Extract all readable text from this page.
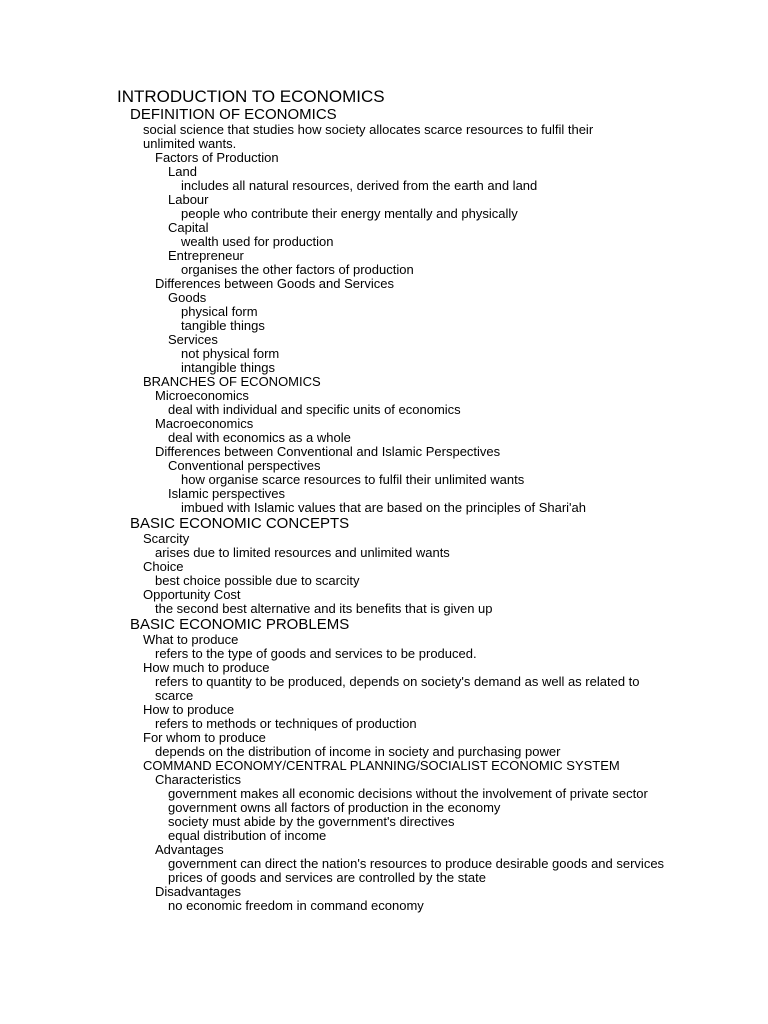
INTRODUCTION TO ECONOMICS
DEFINITION OF ECONOMICS
social science that studies how society allocates scarce resources to fulfil their unlimited wants.
Factors of Production
Land
includes all natural resources, derived from the earth and land
Labour
people who contribute their energy mentally and physically
Capital
wealth used for production
Entrepreneur
organises the other factors of production
Differences between Goods and Services
Goods
physical form
tangible things
Services
not physical form
intangible things
BRANCHES OF ECONOMICS
Microeconomics
deal with individual and specific units of economics
Macroeconomics
deal with economics as a whole
Differences between Conventional and Islamic Perspectives
Conventional perspectives
how organise scarce resources to fulfil their unlimited wants
Islamic perspectives
imbued with Islamic values that are based on the principles of Shari'ah
BASIC ECONOMIC CONCEPTS
Scarcity
arises due to limited resources and unlimited wants
Choice
best choice possible due to scarcity
Opportunity Cost
the second best alternative and its benefits that is given up
BASIC ECONOMIC PROBLEMS
What to produce
refers to the type of goods and services to be produced.
How much to produce
refers to quantity to be produced, depends on society's demand as well as related to scarce
How to produce
refers to methods or techniques of production
For whom to produce
depends on the distribution of income in society and purchasing power
COMMAND ECONOMY/CENTRAL PLANNING/SOCIALIST ECONOMIC SYSTEM
Characteristics
government makes all economic decisions without the involvement of private sector
government owns all factors of production in the economy
society must abide by the government's directives
equal distribution of income
Advantages
government can direct the nation's resources to produce desirable goods and services
prices of goods and services are controlled by the state
Disadvantages
no economic freedom in command economy
